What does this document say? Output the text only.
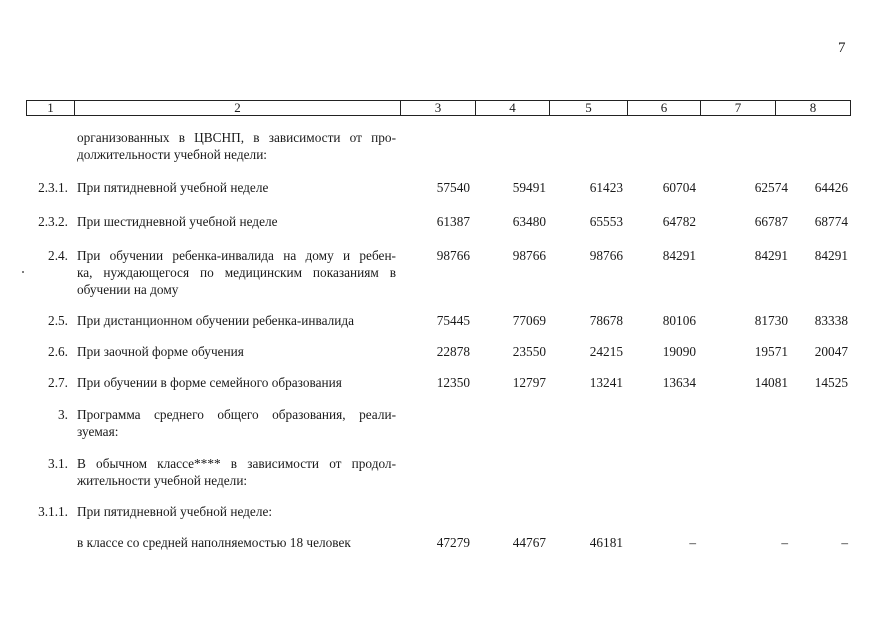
7
1	2	3	4	5	6	7	8
организованных в ЦВСНП, в зависимости от про-
должительности учебной недели:
2.3.1. При пятидневной учебной неделе	57540	59491	61423	60704	62574	64426
2.3.2. При шестидневной учебной неделе	61387	63480	65553	64782	66787	68774
2.4. При обучении ребенка-инвалида на дому и ребен-
ка, нуждающегося по медицинским показаниям в
обучении на дому
98766	98766	98766	84291	84291	84291
2.5. При дистанционном обучении ребенка-инвалида	75445	77069	78678	80106	81730	83338
2.6. При заочной форме обучения	22878	23550	24215	19090	19571	20047
2.7. При обучении в форме семейного образования	12350	12797	13241	13634	14081	14525
3. Программа среднего общего образования, реали-
зуемая:
3.1. В обычном классе**** в зависимости от продол-
жительности учебной недели:
3.1.1. При пятидневной учебной неделе:
в классе со средней наполняемостью 18 человек	47279	44767	46181	–	–	–
